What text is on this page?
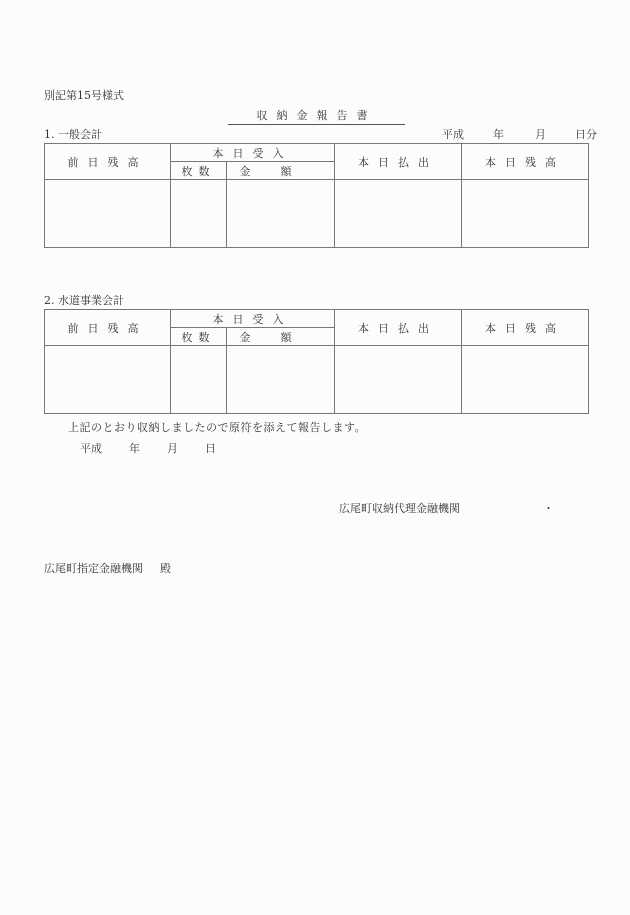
別記第15号様式
収納金報告書
1. 一般会計	平成	年	月	日分
前日残高	本日受入		本日払出	本日残高
	枚数	金額		

2. 水道事業会計
前日残高	本日受入		本日払出	本日残高
	枚数	金額		

上記のとおり収納しましたので原符を添えて報告します。
平成 年 月 日
広尾町収納代理金融機関	・
広尾町指定金融機関 殿
